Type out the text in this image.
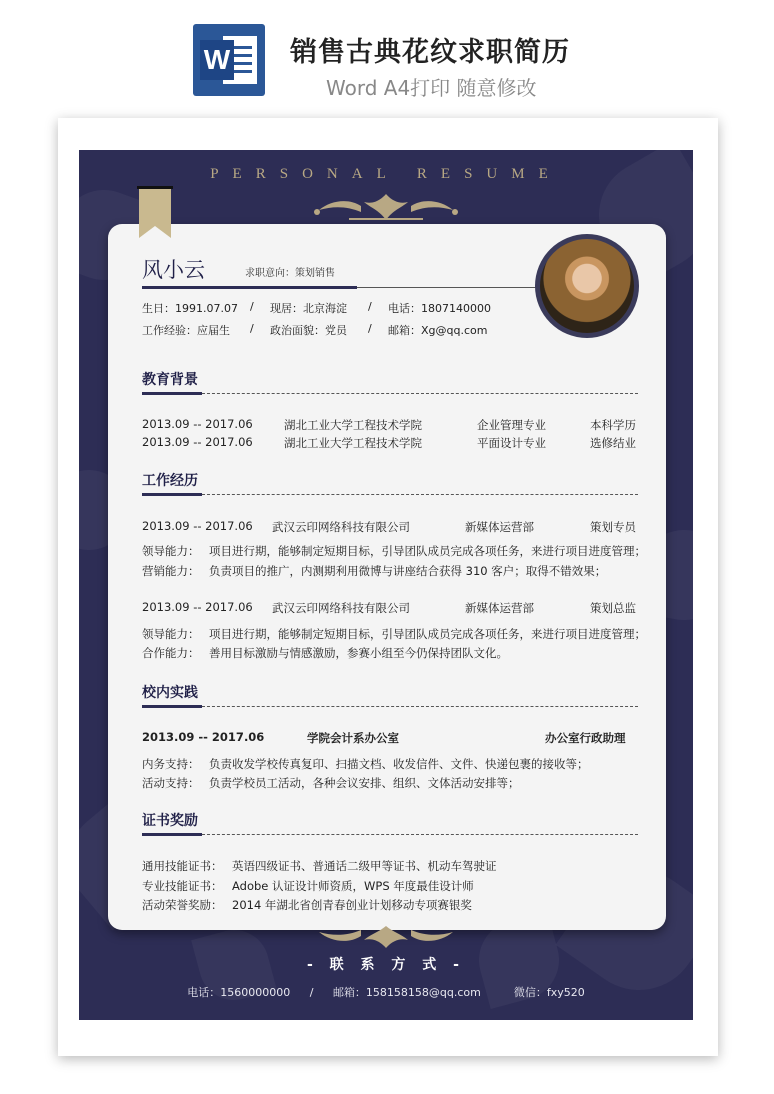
W 销售古典花纹求职简历
Word A4打印 随意修改
PERSONAL RESUME
风小云	求职意向：策划销售
生日：1991.07.07 / 现居：北京海淀 / 电话：1807140000
工作经验：应届生 / 政治面貌：党员 / 邮箱：Xg@qq.com
教育背景
2013.09 -- 2017.06	湖北工业大学工程技术学院	企业管理专业	本科学历
2013.09 -- 2017.06	湖北工业大学工程技术学院	平面设计专业	选修结业
工作经历
2013.09 -- 2017.06 武汉云印网络科技有限公司	新媒体运营部	策划专员
领导能力： 项目进行期，能够制定短期目标，引导团队成员完成各项任务，来进行项目进度管理；
营销能力： 负责项目的推广，内测期利用微博与讲座结合获得 310 客户；取得不错效果；
2013.09 -- 2017.06 武汉云印网络科技有限公司	新媒体运营部	策划总监
领导能力： 项目进行期，能够制定短期目标，引导团队成员完成各项任务，来进行项目进度管理；
合作能力： 善用目标激励与情感激励，参赛小组至今仍保持团队文化。
校内实践
2013.09 -- 2017.06	学院会计系办公室	办公室行政助理
内务支持： 负责收发学校传真复印、扫描文档、收发信件、文件、快递包裹的接收等；
活动支持： 负责学校员工活动，各种会议安排、组织、文体活动安排等；
证书奖励
通用技能证书： 英语四级证书、普通话二级甲等证书、机动车驾驶证
专业技能证书： Adobe 认证设计师资质，WPS 年度最佳设计师
活动荣誉奖励： 2014 年湖北省创青春创业计划移动专项赛银奖
- 联 系 方 式 -
电话：1560000000 / 邮箱：158158158@qq.com	微信：fxy520
